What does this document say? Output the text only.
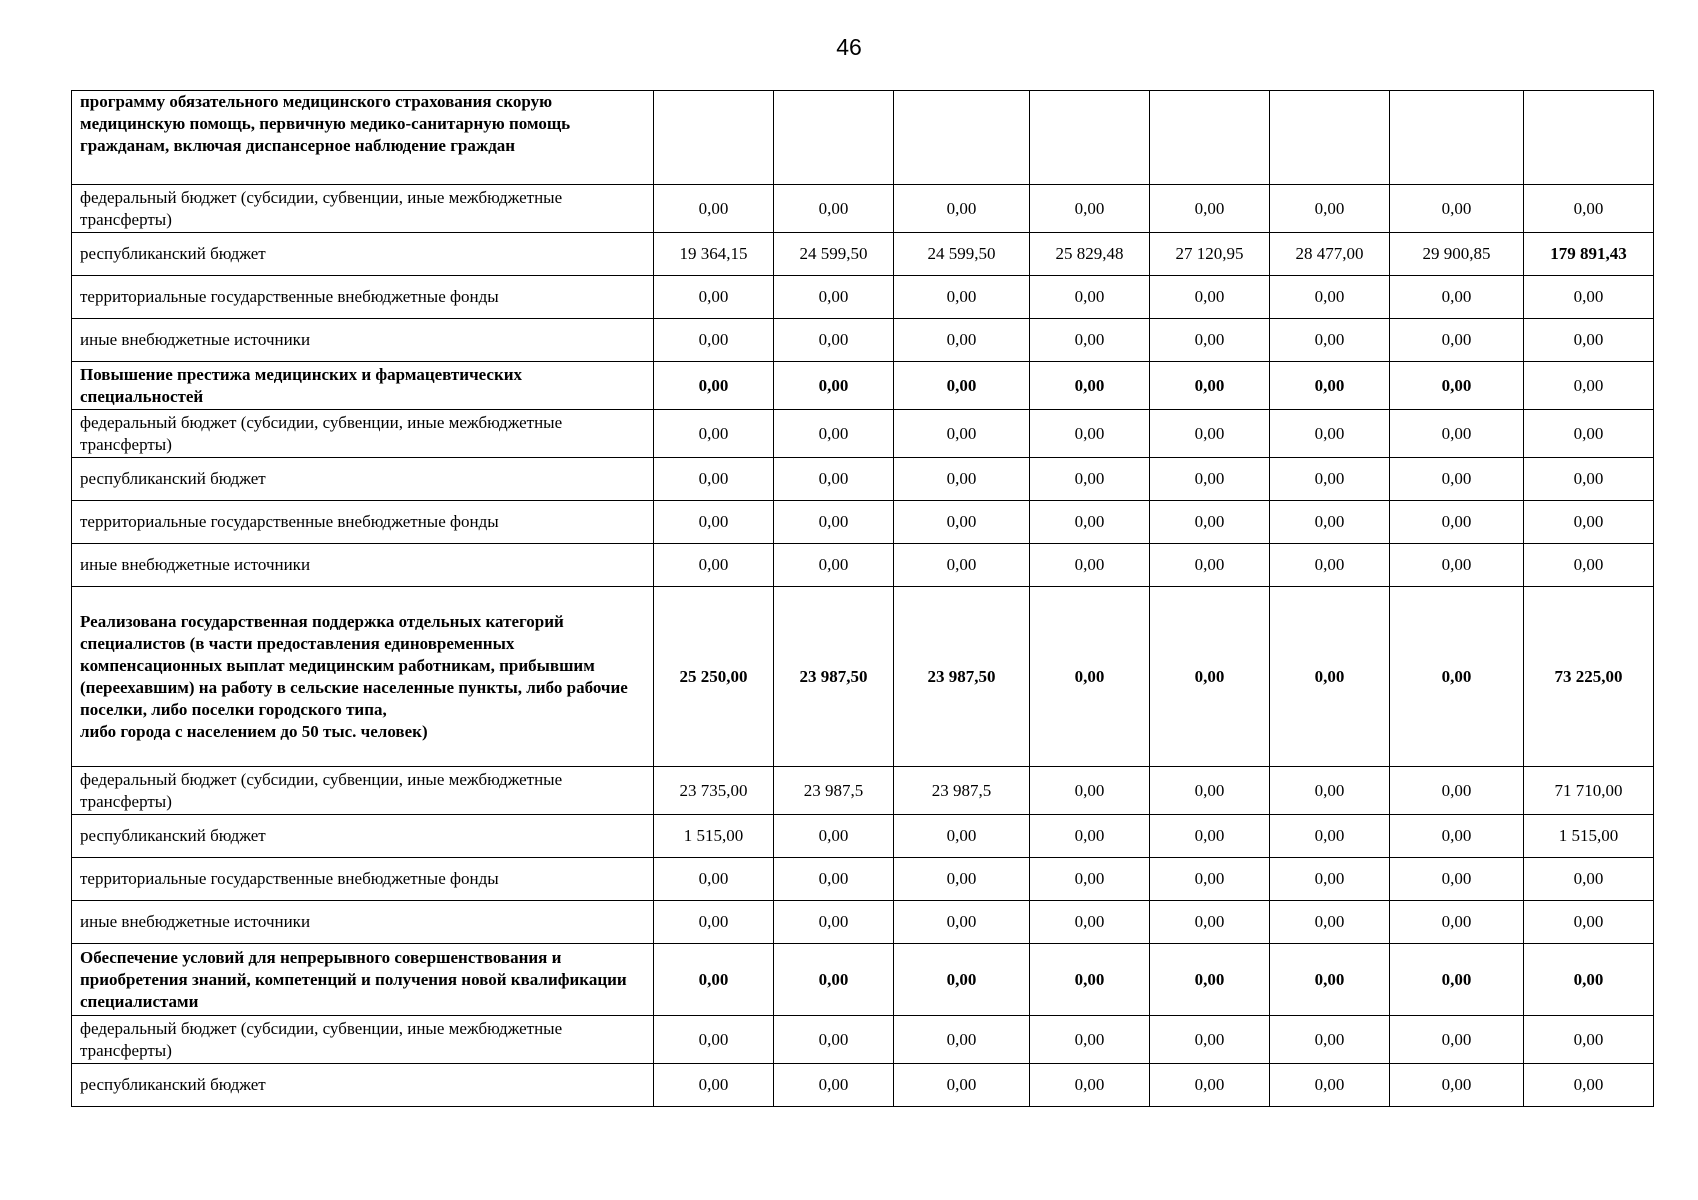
46
программу обязательного медицинского страхования скорую медицинскую помощь, первичную медико-санитарную помощь гражданам, включая диспансерное наблюдение граждан								
федеральный бюджет (субсидии, субвенции, иные межбюджетные трансферты)	0,00	0,00	0,00	0,00	0,00	0,00	0,00	0,00
республиканский бюджет	19 364,15	24 599,50	24 599,50	25 829,48	27 120,95	28 477,00	29 900,85	179 891,43
территориальные государственные внебюджетные фонды	0,00	0,00	0,00	0,00	0,00	0,00	0,00	0,00
иные внебюджетные источники	0,00	0,00	0,00	0,00	0,00	0,00	0,00	0,00
Повышение престижа медицинских и фармацевтических специальностей	0,00	0,00	0,00	0,00	0,00	0,00	0,00	0,00
федеральный бюджет (субсидии, субвенции, иные межбюджетные трансферты)	0,00	0,00	0,00	0,00	0,00	0,00	0,00	0,00
республиканский бюджет	0,00	0,00	0,00	0,00	0,00	0,00	0,00	0,00
территориальные государственные внебюджетные фонды	0,00	0,00	0,00	0,00	0,00	0,00	0,00	0,00
иные внебюджетные источники	0,00	0,00	0,00	0,00	0,00	0,00	0,00	0,00
Реализована государственная поддержка отдельных категорий специалистов (в части предоставления единовременных компенсационных выплат медицинским работникам, прибывшим (переехавшим) на работу в сельские населенные пункты, либо рабочие поселки, либо поселки городского типа,
либо города с населением до 50 тыс. человек)	25 250,00	23 987,50	23 987,50	0,00	0,00	0,00	0,00	73 225,00
федеральный бюджет (субсидии, субвенции, иные межбюджетные трансферты)	23 735,00	23 987,5	23 987,5	0,00	0,00	0,00	0,00	71 710,00
республиканский бюджет	1 515,00	0,00	0,00	0,00	0,00	0,00	0,00	1 515,00
территориальные государственные внебюджетные фонды	0,00	0,00	0,00	0,00	0,00	0,00	0,00	0,00
иные внебюджетные источники	0,00	0,00	0,00	0,00	0,00	0,00	0,00	0,00
Обеспечение условий для непрерывного совершенствования и приобретения знаний, компетенций и получения новой квалификации специалистами	0,00	0,00	0,00	0,00	0,00	0,00	0,00	0,00
федеральный бюджет (субсидии, субвенции, иные межбюджетные трансферты)	0,00	0,00	0,00	0,00	0,00	0,00	0,00	0,00
республиканский бюджет	0,00	0,00	0,00	0,00	0,00	0,00	0,00	0,00
